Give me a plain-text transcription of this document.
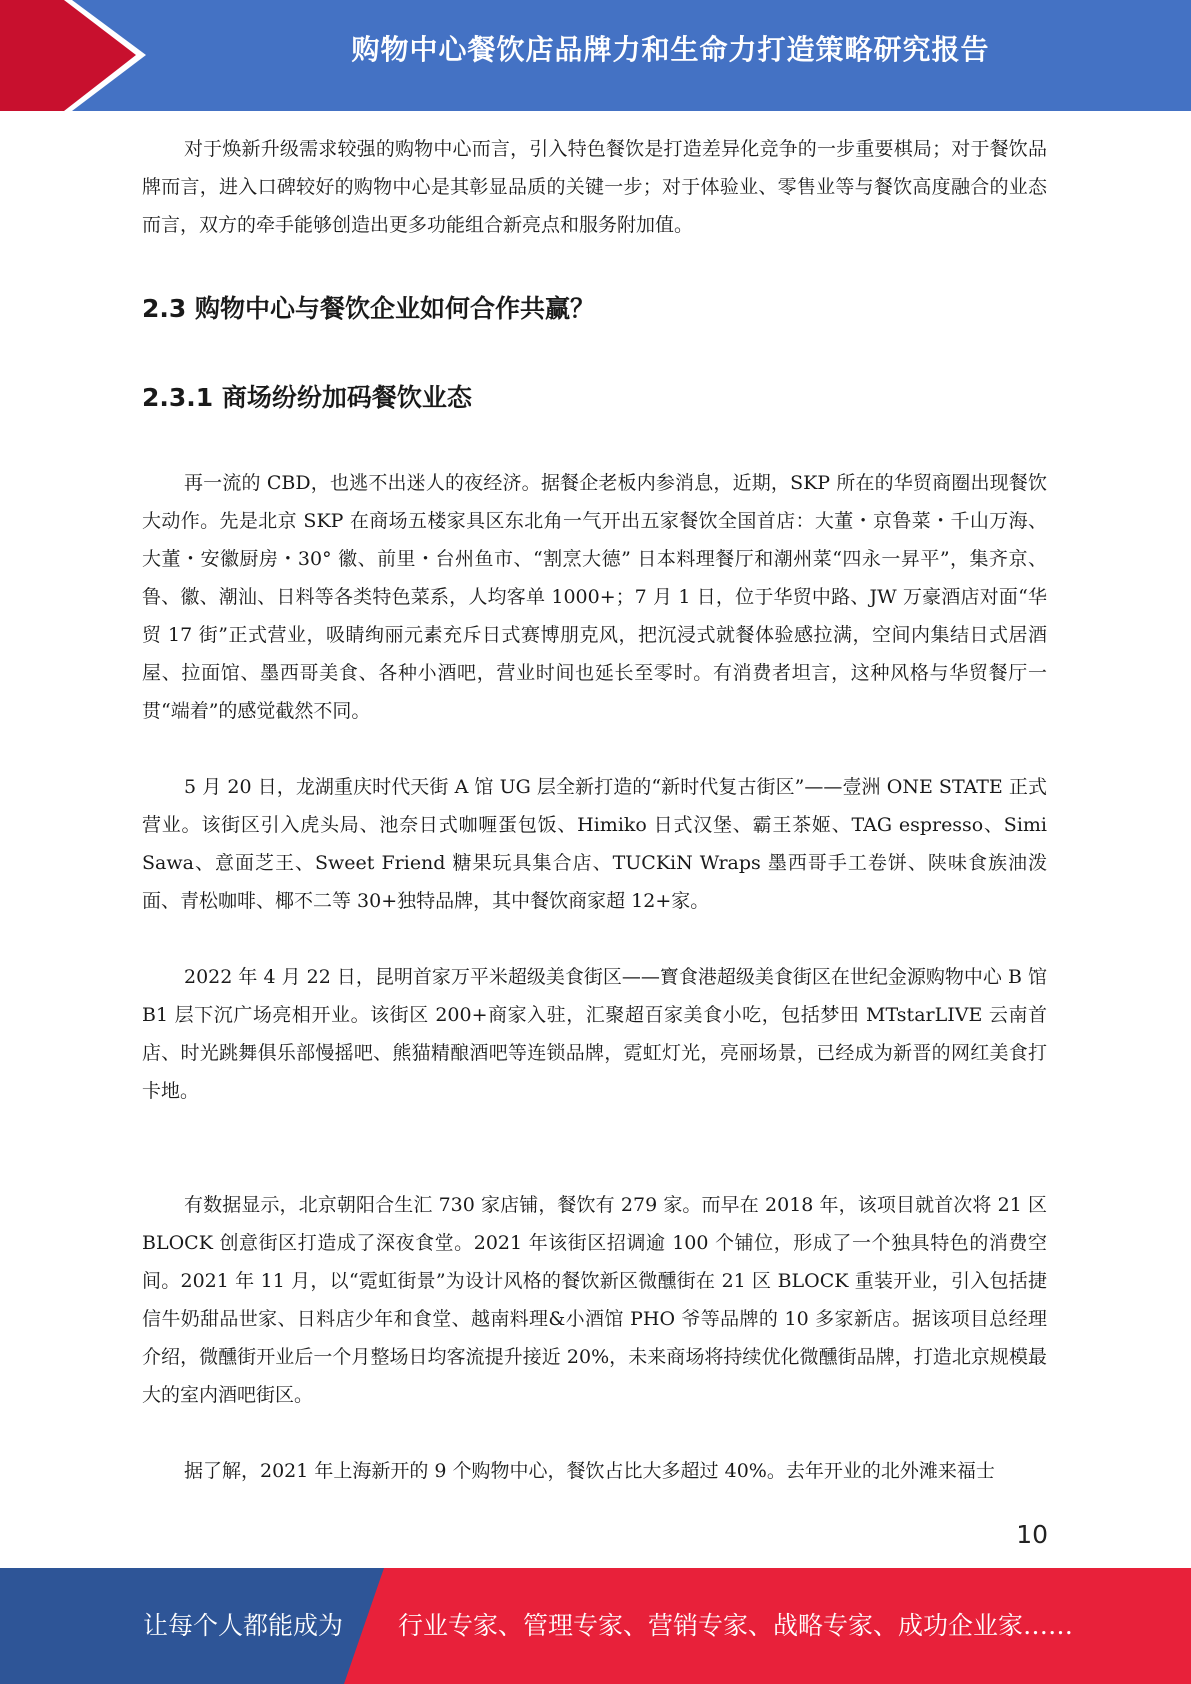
购物中心餐饮店品牌力和生命力打造策略研究报告

对于焕新升级需求较强的购物中心而言，引入特色餐饮是打造差异化竞争的一步重要棋局；对于餐饮品牌而言，进入口碑较好的购物中心是其彰显品质的关键一步；对于体验业、零售业等与餐饮高度融合的业态而言，双方的牵手能够创造出更多功能组合新亮点和服务附加值。

2.3 购物中心与餐饮企业如何合作共赢？
2.3.1 商场纷纷加码餐饮业态

再一流的 CBD，也逃不出迷人的夜经济。据餐企老板内参消息，近期，SKP 所在的华贸商圈出现餐饮大动作。先是北京 SKP 在商场五楼家具区东北角一气开出五家餐饮全国首店：大董・京鲁菜・千山万海、大董・安徽厨房・30° 徽、前里・台州鱼市、“割烹大德” 日本料理餐厅和潮州菜“四永一昇平”，集齐京、鲁、徽、潮汕、日料等各类特色菜系，人均客单 1000+；7 月 1 日，位于华贸中路、JW 万豪酒店对面“华贸 17 街”正式营业，吸睛绚丽元素充斥日式赛博朋克风，把沉浸式就餐体验感拉满，空间内集结日式居酒屋、拉面馆、墨西哥美食、各种小酒吧，营业时间也延长至零时。有消费者坦言，这种风格与华贸餐厅一贯“端着”的感觉截然不同。

5 月 20 日，龙湖重庆时代天街 A 馆 UG 层全新打造的“新时代复古街区”——壹洲 ONE STATE 正式营业。该街区引入虎头局、池奈日式咖喱蛋包饭、Himiko 日式汉堡、霸王茶姬、TAG espresso、Simi Sawa、意面芝王、Sweet Friend 糖果玩具集合店、TUCKiN Wraps 墨西哥手工卷饼、陕味食族油泼面、青松咖啡、椰不二等 30+独特品牌，其中餐饮商家超 12+家。

2022 年 4 月 22 日，昆明首家万平米超级美食街区——寳食港超级美食街区在世纪金源购物中心 B 馆 B1 层下沉广场亮相开业。该街区 200+商家入驻，汇聚超百家美食小吃，包括梦田 MTstarLIVE 云南首店、时光跳舞俱乐部慢摇吧、熊猫精酿酒吧等连锁品牌，霓虹灯光，亮丽场景，已经成为新晋的网红美食打卡地。

有数据显示，北京朝阳合生汇 730 家店铺，餐饮有 279 家。而早在 2018 年，该项目就首次将 21 区 BLOCK 创意街区打造成了深夜食堂。2021 年该街区招调逾 100 个铺位，形成了一个独具特色的消费空间。2021 年 11 月，以“霓虹街景”为设计风格的餐饮新区微醺街在 21 区 BLOCK 重装开业，引入包括捷信牛奶甜品世家、日料店少年和食堂、越南料理&小酒馆 PHO 爷等品牌的 10 多家新店。据该项目总经理介绍，微醺街开业后一个月整场日均客流提升接近 20%，未来商场将持续优化微醺街品牌，打造北京规模最大的室内酒吧街区。

据了解，2021 年上海新开的 9 个购物中心，餐饮占比大多超过 40%。去年开业的北外滩来福士

10
让每个人都能成为 行业专家、管理专家、营销专家、战略专家、成功企业家……
